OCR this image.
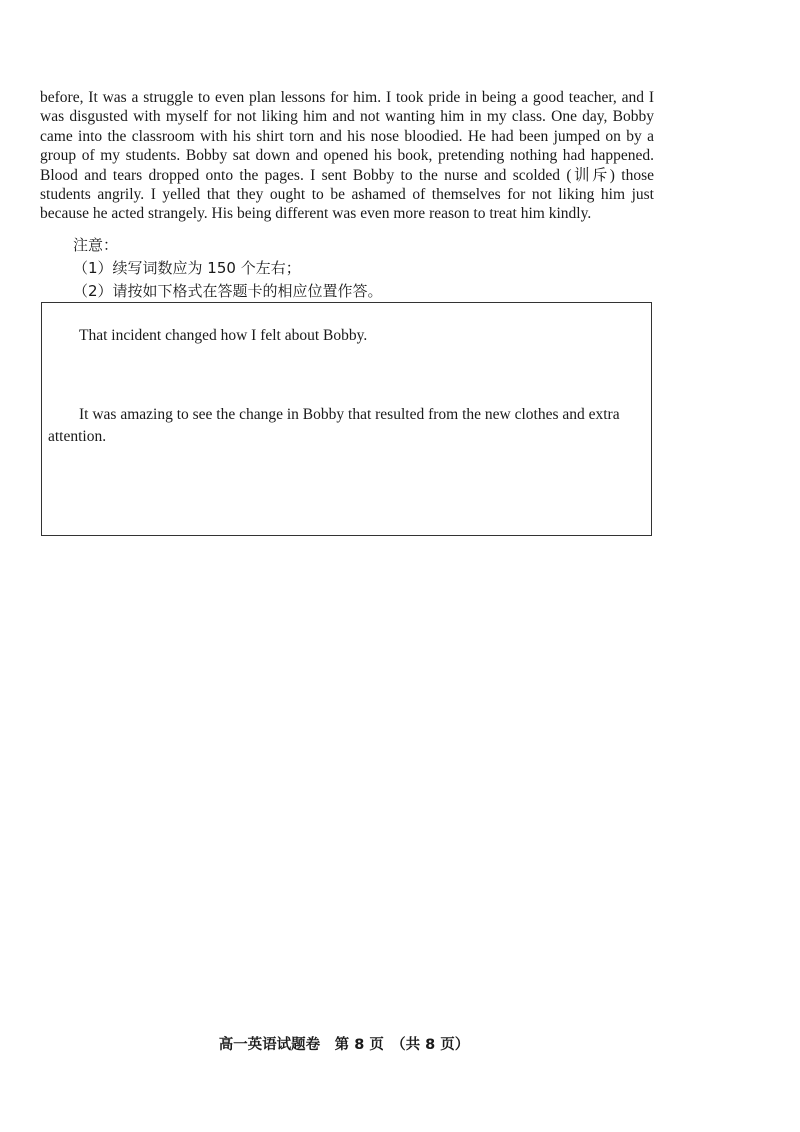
before, It was a struggle to even plan lessons for him. I took pride in being a good teacher, and I was disgusted with myself for not liking him and not wanting him in my class. One day, Bobby came into the classroom with his shirt torn and his nose bloodied. He had been jumped on by a group of my students. Bobby sat down and opened his book, pretending nothing had happened. Blood and tears dropped onto the pages. I sent Bobby to the nurse and scolded (训斥) those students angrily. I yelled that they ought to be ashamed of themselves for not liking him just because he acted strangely. His being different was even more reason to treat him kindly.

注意：
（1）续写词数应为 150 个左右；
（2）请按如下格式在答题卡的相应位置作答。

That incident changed how I felt about Bobby.

It was amazing to see the change in Bobby that resulted from the new clothes and extra attention.

高一英语试题卷　第 8 页　（共 8 页）
